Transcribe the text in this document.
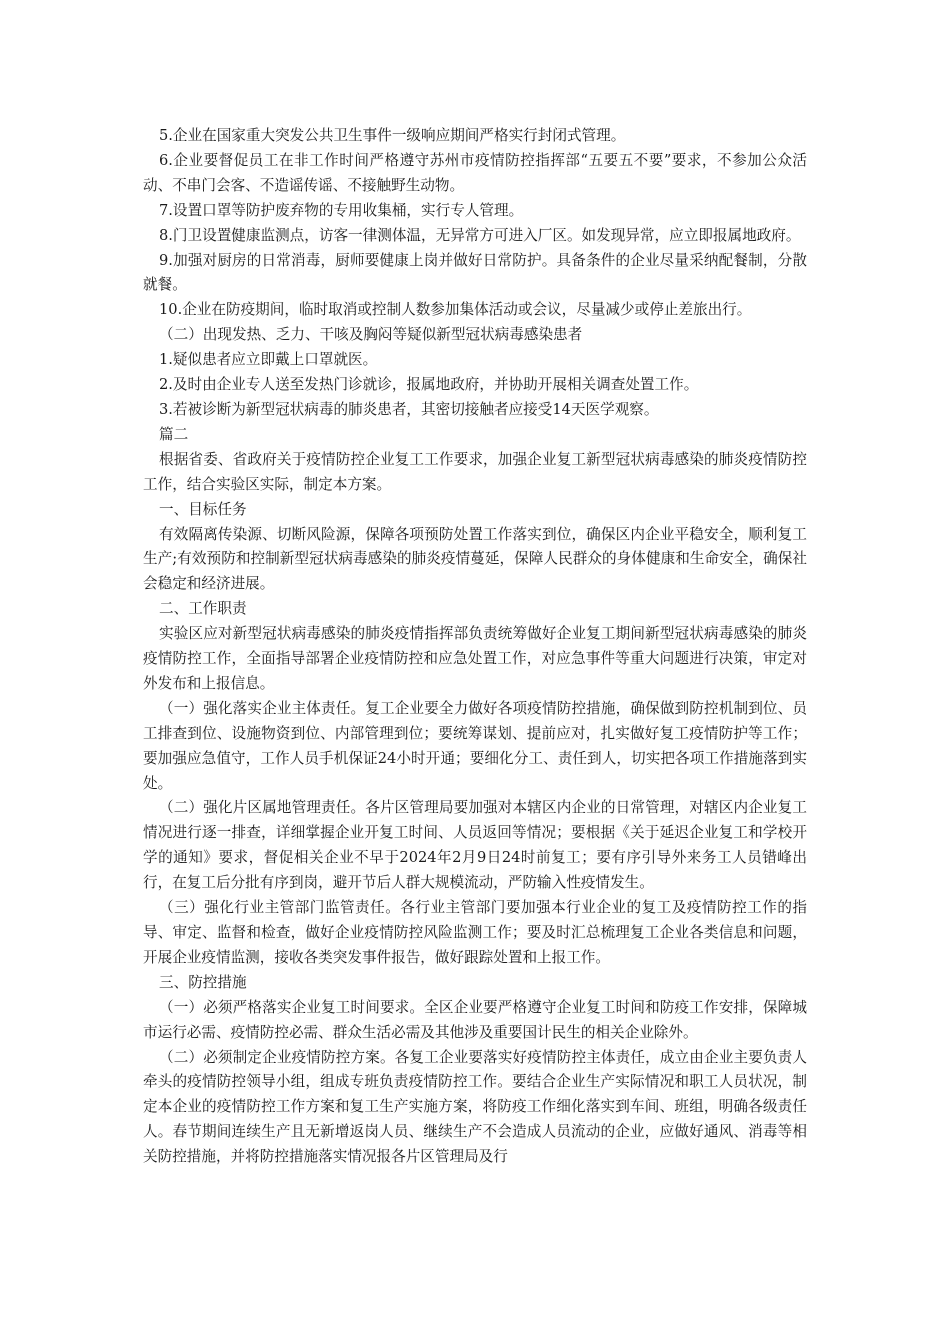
5.企业在国家重大突发公共卫生事件一级响应期间严格实行封闭式管理。

6.企业要督促员工在非工作时间严格遵守苏州市疫情防控指挥部“五要五不要”要求，不参加公众活动、不串门会客、不造谣传谣、不接触野生动物。

7.设置口罩等防护废弃物的专用收集桶，实行专人管理。

8.门卫设置健康监测点，访客一律测体温，无异常方可进入厂区。如发现异常，应立即报属地政府。

9.加强对厨房的日常消毒，厨师要健康上岗并做好日常防护。具备条件的企业尽量采纳配餐制，分散就餐。

10.企业在防疫期间，临时取消或控制人数参加集体活动或会议，尽量减少或停止差旅出行。

（二）出现发热、乏力、干咳及胸闷等疑似新型冠状病毒感染患者

1.疑似患者应立即戴上口罩就医。

2.及时由企业专人送至发热门诊就诊，报属地政府，并协助开展相关调查处置工作。

3.若被诊断为新型冠状病毒的肺炎患者，其密切接触者应接受14天医学观察。

篇二

根据省委、省政府关于疫情防控企业复工工作要求，加强企业复工新型冠状病毒感染的肺炎疫情防控工作，结合实验区实际，制定本方案。

一、目标任务

有效隔离传染源、切断风险源，保障各项预防处置工作落实到位，确保区内企业平稳安全，顺利复工生产;有效预防和控制新型冠状病毒感染的肺炎疫情蔓延，保障人民群众的身体健康和生命安全，确保社会稳定和经济进展。

二、工作职责

实验区应对新型冠状病毒感染的肺炎疫情指挥部负责统筹做好企业复工期间新型冠状病毒感染的肺炎疫情防控工作，全面指导部署企业疫情防控和应急处置工作，对应急事件等重大问题进行决策，审定对外发布和上报信息。

（一）强化落实企业主体责任。复工企业要全力做好各项疫情防控措施，确保做到防控机制到位、员工排查到位、设施物资到位、内部管理到位；要统筹谋划、提前应对，扎实做好复工疫情防护等工作；要加强应急值守，工作人员手机保证24小时开通；要细化分工、责任到人，切实把各项工作措施落到实处。

（二）强化片区属地管理责任。各片区管理局要加强对本辖区内企业的日常管理，对辖区内企业复工情况进行逐一排查，详细掌握企业开复工时间、人员返回等情况；要根据《关于延迟企业复工和学校开学的通知》要求，督促相关企业不早于2024年2月9日24时前复工；要有序引导外来务工人员错峰出行，在复工后分批有序到岗，避开节后人群大规模流动，严防输入性疫情发生。

（三）强化行业主管部门监管责任。各行业主管部门要加强本行业企业的复工及疫情防控工作的指导、审定、监督和检查，做好企业疫情防控风险监测工作；要及时汇总梳理复工企业各类信息和问题，开展企业疫情监测，接收各类突发事件报告，做好跟踪处置和上报工作。

三、防控措施

（一）必须严格落实企业复工时间要求。全区企业要严格遵守企业复工时间和防疫工作安排，保障城市运行必需、疫情防控必需、群众生活必需及其他涉及重要国计民生的相关企业除外。

（二）必须制定企业疫情防控方案。各复工企业要落实好疫情防控主体责任，成立由企业主要负责人牵头的疫情防控领导小组，组成专班负责疫情防控工作。要结合企业生产实际情况和职工人员状况，制定本企业的疫情防控工作方案和复工生产实施方案，将防疫工作细化落实到车间、班组，明确各级责任人。春节期间连续生产且无新增返岗人员、继续生产不会造成人员流动的企业，应做好通风、消毒等相关防控措施，并将防控措施落实情况报各片区管理局及行
